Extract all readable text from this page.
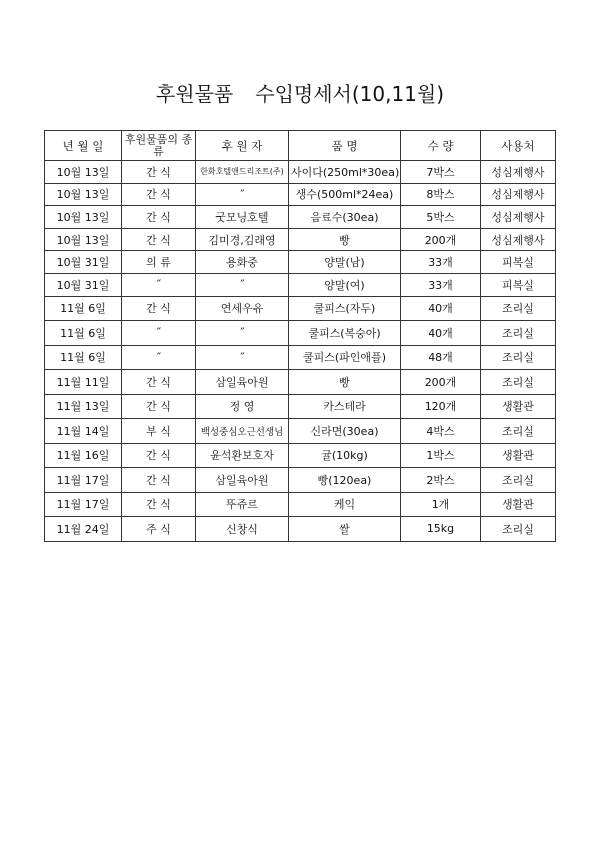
후원물품 수입명세서(10,11월)
년 월 일	후원물품의 종류	후 원 자	품 명	수 량	사용처
10월 13일	간 식	한화호텔앤드리조트(주)	사이다(250ml*30ea)	7박스	성심제행사
10월 13일	간 식	˝	생수(500ml*24ea)	8박스	성심제행사
10월 13일	간 식	굿모닝호텔	음료수(30ea)	5박스	성심제행사
10월 13일	간 식	김미경,김래영	빵	200개	성심제행사
10월 31일	의 류	용화중	양말(남)	33개	피복실
10월 31일	˝	˝	양말(여)	33개	피복실
11월 6일	간 식	연세우유	쿨피스(자두)	40개	조리실
11월 6일	˝	˝	쿨피스(복숭아)	40개	조리실
11월 6일	˝	˝	쿨피스(파인애플)	48개	조리실
11월 11일	간 식	삼일육아원	빵	200개	조리실
11월 13일	간 식	정 영	카스테라	120개	생활관
11월 14일	부 식	백성중심오근선생님	신라면(30ea)	4박스	조리실
11월 16일	간 식	윤석환보호자	귤(10kg)	1박스	생활관
11월 17일	간 식	삼일육아원	빵(120ea)	2박스	조리실
11월 17일	간 식	뚜쥬르	케익	1개	생활관
11월 24일	주 식	신창식	쌀	15kg	조리실
